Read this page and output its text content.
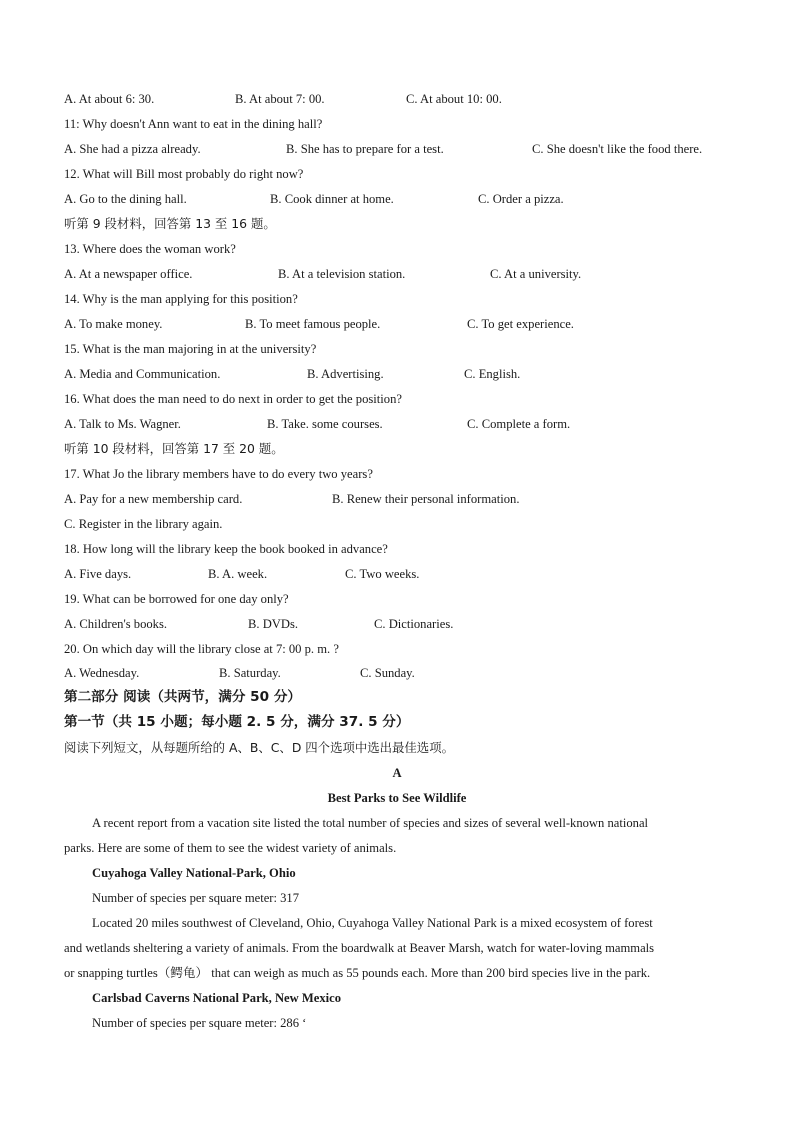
A. At about 6: 30.	B. At about 7: 00.	C. At about 10: 00.
11: Why doesn't Ann want to eat in the dining hall?
A. She had a pizza already.	B. She has to prepare for a test.	C. She doesn't like the food there.
12. What will Bill most probably do right now?
A. Go to the dining hall.	B. Cook dinner at home.	C. Order a pizza.
听第 9 段材料，回答第 13 至 16 题。
13. Where does the woman work?
A. At a newspaper office.	B. At a television station.	C. At a university.
14. Why is the man applying for this position?
A. To make money.	B. To meet famous people.	C. To get experience.
15. What is the man majoring in at the university?
A. Media and Communication.	B. Advertising.	C. English.
16. What does the man need to do next in order to get the position?
A. Talk to Ms. Wagner.	B. Take. some courses.	C. Complete a form.
听第 10 段材料，回答第 17 至 20 题。
17. What Jo the library members have to do every two years?
A. Pay for a new membership card.	B. Renew their personal information.
C. Register in the library again.
18. How long will the library keep the book booked in advance?
A. Five days.	B. A. week.	C. Two weeks.
19. What can be borrowed for one day only?
A. Children's books.	B. DVDs.	C. Dictionaries.
20. On which day will the library close at 7: 00 p. m. ?
A. Wednesday.	B. Saturday.	C. Sunday.
第二部分 阅读（共两节，满分 50 分）
第一节（共 15 小题；每小题 2. 5 分，满分 37. 5 分）
阅读下列短文，从每题所给的 A、B、C、D 四个选项中选出最佳选项。
A
Best Parks to See Wildlife
A recent report from a vacation site listed the total number of species and sizes of several well-known national
parks. Here are some of them to see the widest variety of animals.
Cuyahoga Valley National-Park, Ohio
Number of species per square meter: 317
Located 20 miles southwest of Cleveland, Ohio, Cuyahoga Valley National Park is a mixed ecosystem of forest
and wetlands sheltering a variety of animals. From the boardwalk at Beaver Marsh, watch for water-loving mammals
or snapping turtles（鳄龟） that can weigh as much as 55 pounds each. More than 200 bird species live in the park.
Carlsbad Caverns National Park, New Mexico
Number of species per square meter: 286 ‘
